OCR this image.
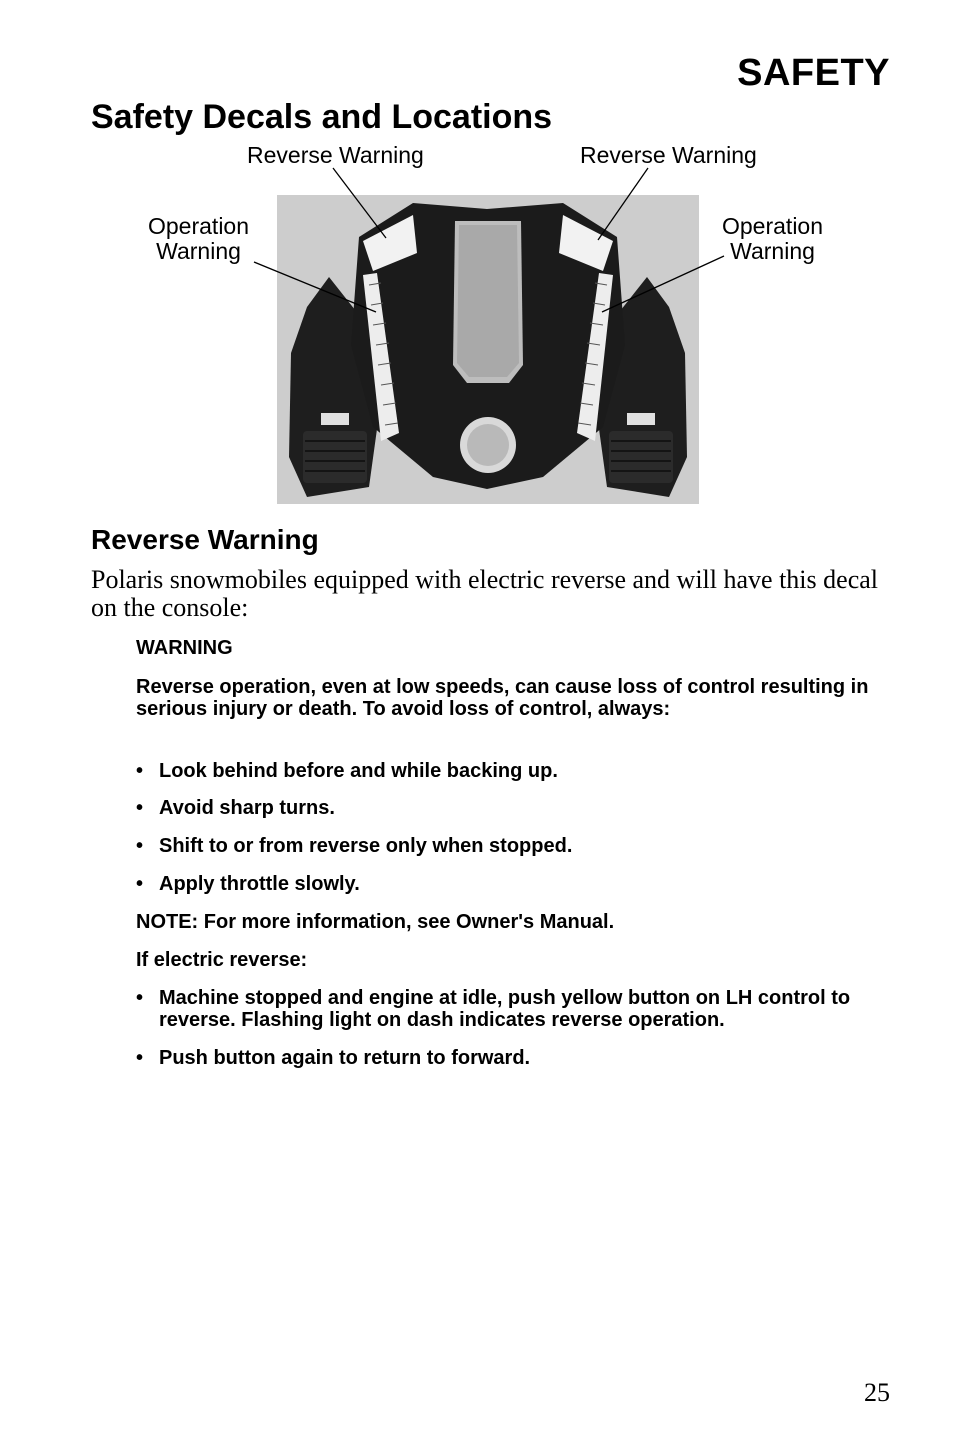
SAFETY
Safety Decals and Locations
Reverse Warning	Reverse Warning
Operation
Warning
Operation
Warning
Reverse Warning
Polaris snowmobiles equipped with electric reverse and will have this decal on the console:
WARNING
Reverse operation, even at low speeds, can cause loss of control resulting in serious injury or death. To avoid loss of control, always:
• Look behind before and while backing up.
• Avoid sharp turns.
• Shift to or from reverse only when stopped.
• Apply throttle slowly.
NOTE: For more information, see Owner's Manual.
If electric reverse:
• Machine stopped and engine at idle, push yellow button on LH control to reverse. Flashing light on dash indicates reverse operation.
• Push button again to return to forward.
25
